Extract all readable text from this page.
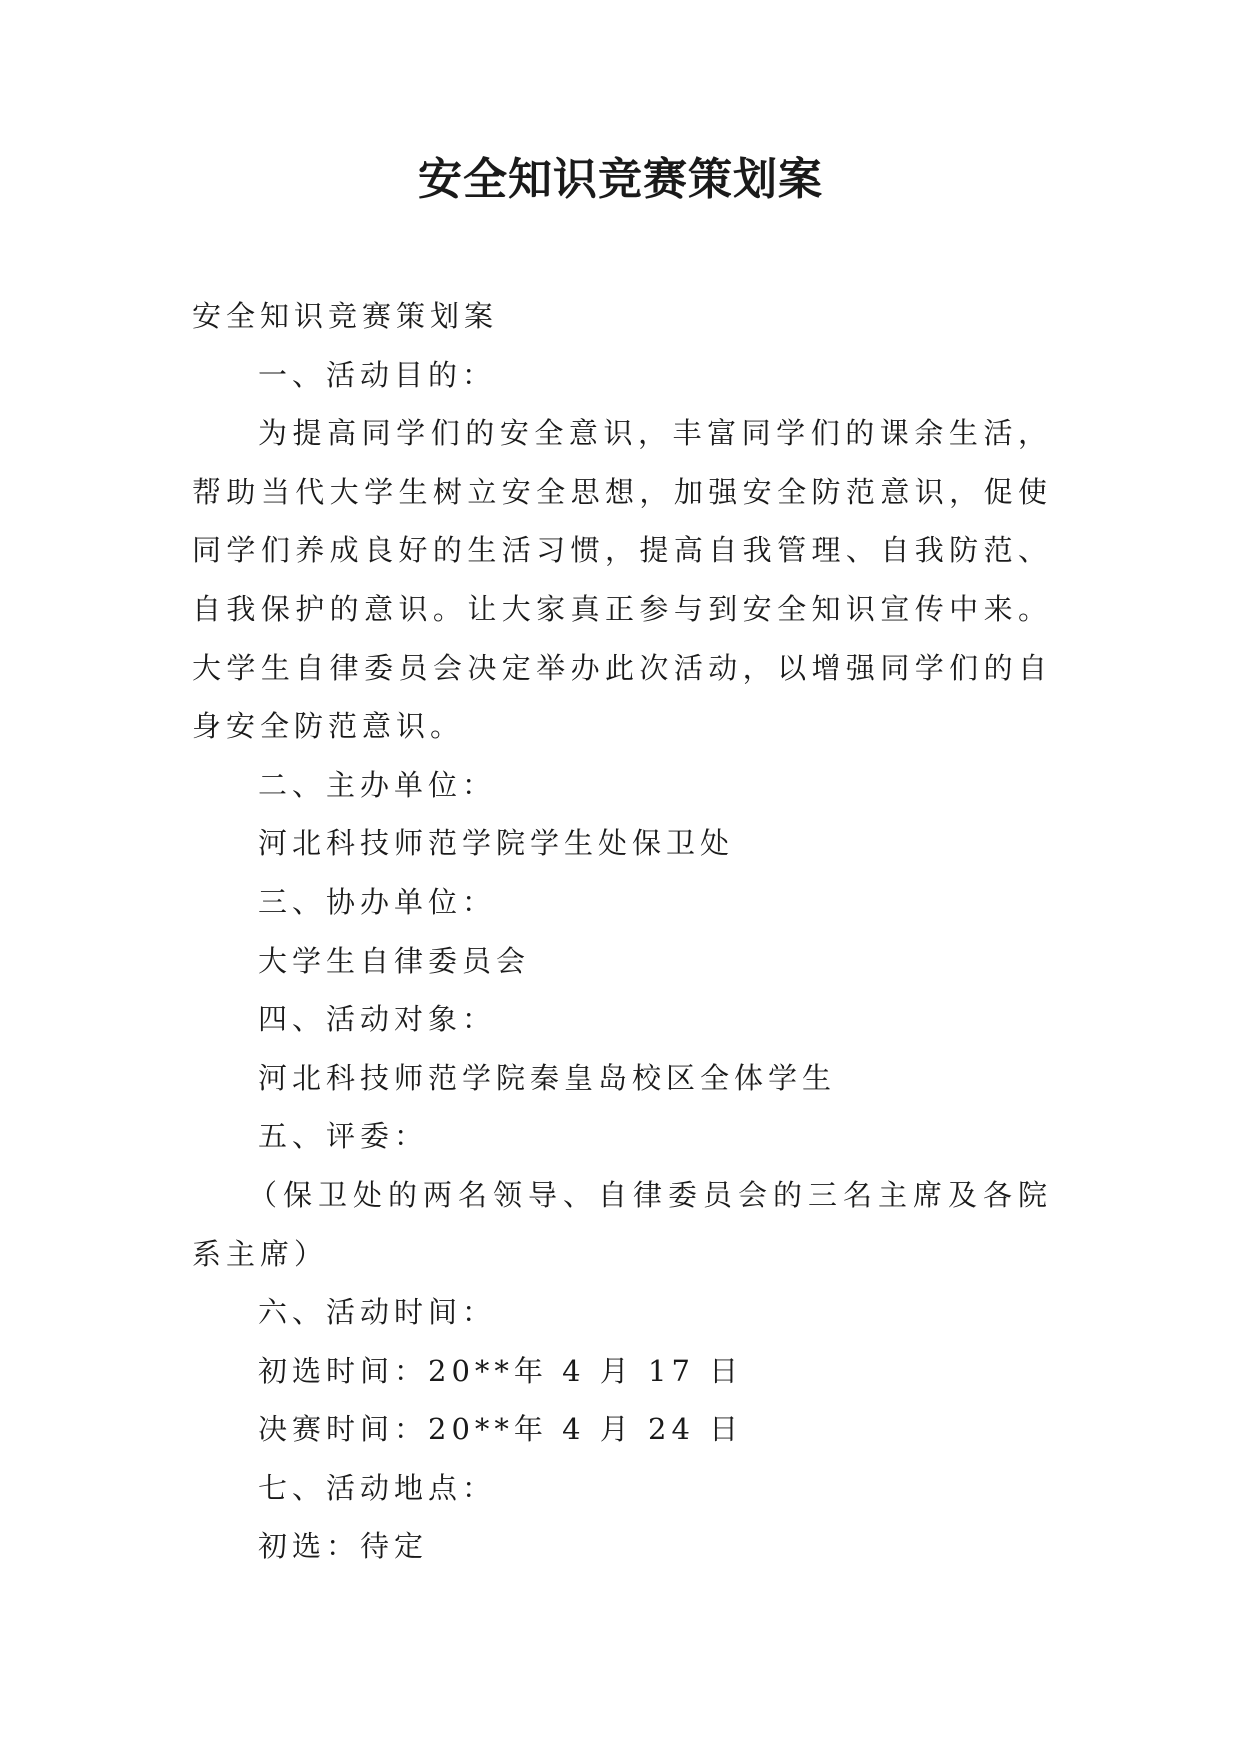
安全知识竞赛策划案

安全知识竞赛策划案

一、活动目的：

为提高同学们的安全意识，丰富同学们的课余生活，帮助当代大学生树立安全思想，加强安全防范意识，促使同学们养成良好的生活习惯，提高自我管理、自我防范、自我保护的意识。让大家真正参与到安全知识宣传中来。大学生自律委员会决定举办此次活动，以增强同学们的自身安全防范意识。

二、主办单位：

河北科技师范学院学生处保卫处

三、协办单位：

大学生自律委员会

四、活动对象：

河北科技师范学院秦皇岛校区全体学生

五、评委：

（保卫处的两名领导、自律委员会的三名主席及各院系主席）

六、活动时间：

初选时间：20**年 4 月 17 日

决赛时间：20**年 4 月 24 日

七、活动地点：

初选：待定
